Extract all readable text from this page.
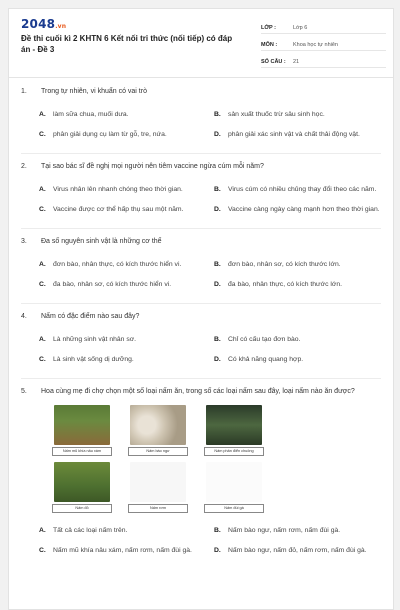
2048.vn
Đề thi cuối kì 2 KHTN 6 Kết nối tri thức (nối tiếp) có đáp án - Đề 3
LỚP :	Lớp 6
MÔN :	Khoa học tự nhiên
SỐ CÂU :	21
1.	Trong tự nhiên, vi khuẩn có vai trò
A.	làm sữa chua, muối dưa.	B.	sản xuất thuốc trừ sâu sinh học.
C.	phân giải dụng cụ làm từ gỗ, tre, nứa.	D.	phân giải xác sinh vật và chất thải động vật.
2.	Tại sao bác sĩ đề nghị mọi người nên tiêm vaccine ngừa cúm mỗi năm?
A.	Virus nhân lên nhanh chóng theo thời gian.	B.	Virus cúm có nhiều chủng thay đổi theo các năm.
C.	Vaccine được cơ thể hấp thụ sau một năm.	D.	Vaccine càng ngày càng mạnh hơn theo thời gian.
3.	Đa số nguyên sinh vật là những cơ thể
A.	đơn bào, nhân thực, có kích thước hiển vi.	B.	đơn bào, nhân sơ, có kích thước lớn.
C.	đa bào, nhân sơ, có kích thước hiển vi.	D.	đa bào, nhân thực, có kích thước lớn.
4.	Nấm có đặc điểm nào sau đây?
A.	Là những sinh vật nhân sơ.	B.	Chỉ có cấu tạo đơn bào.
C.	Là sinh vật sống dị dưỡng.	D.	Có khả năng quang hợp.
5.	Hoa cùng mẹ đi chợ chọn một số loại nấm ăn, trong số các loại nấm sau đây, loại nấm nào ăn được?
Nấm mũ khía nâu xám	Nấm bào ngư	Nấm phân điển chuông
Nấm đỏ	Nấm rơm	Nấm đùi gà
A.	Tất cả các loại nấm trên.	B.	Nấm bào ngư, nấm rơm, nấm đùi gà.
C.	Nấm mũ khía nâu xám, nấm rơm, nấm đùi gà.	D.	Nấm bào ngư, nấm đỏ, nấm rơm, nấm đùi gà.
